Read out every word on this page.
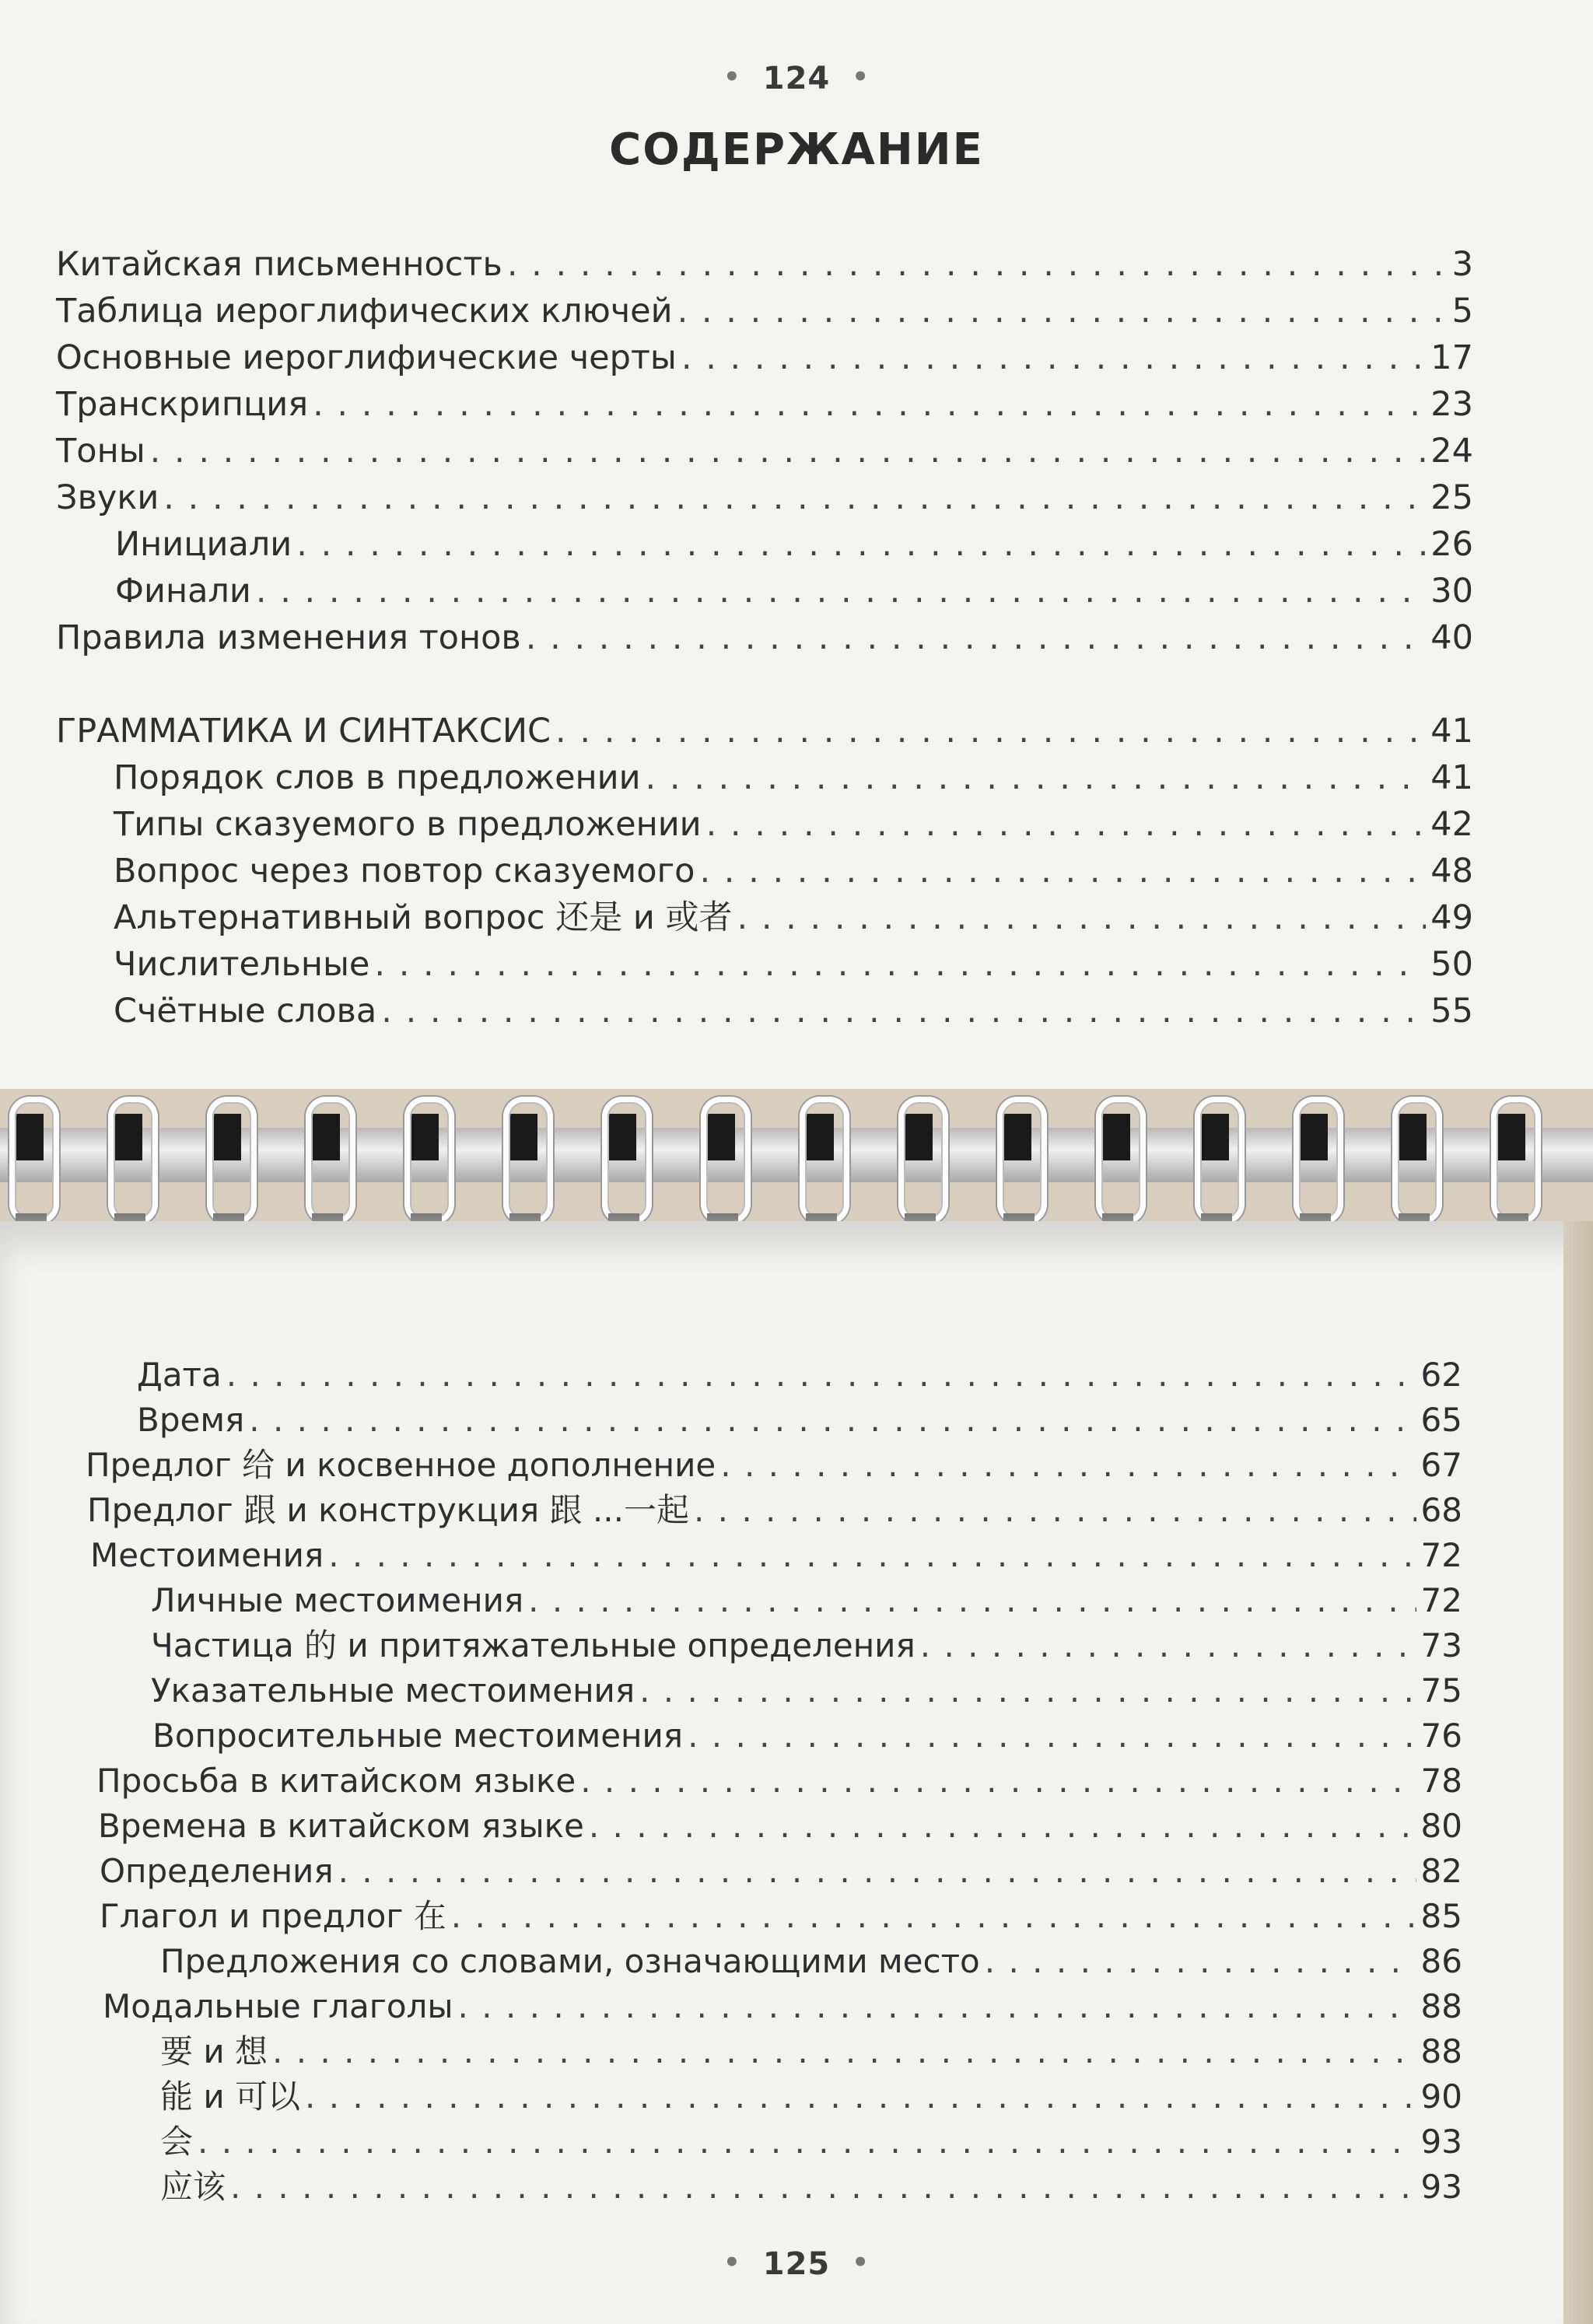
• 124 •
СОДЕРЖАНИЕ
Китайская письменность . . .	3
Таблица иероглифических ключей . . .	5
Основные иероглифические черты . . .	17
Транскрипция . . .	23
Тоны . . .	24
Звуки . . .	25
Инициали . . .	26
Финали . . .	30
Правила изменения тонов . . .	40
ГРАММАТИКА И СИНТАКСИС . . .	41
Порядок слов в предложении . . .	41
Типы сказуемого в предложении . . .	42
Вопрос через повтор сказуемого . . .	48
Альтернативный вопрос 还是 и 或者 . . .	49
Числительные . . .	50
Счётные слова . . .	55
Дата . . .	62
Время . . .	65
Предлог 给 и косвенное дополнение . . .	67
Предлог 跟 и конструкция 跟 ...一起 . . .	68
Местоимения . . .	72
Личные местоимения . . .	72
Частица 的 и притяжательные определения . . .	73
Указательные местоимения . . .	75
Вопросительные местоимения . . .	76
Просьба в китайском языке . . .	78
Времена в китайском языке . . .	80
Определения . . .	82
Глагол и предлог 在 . . .	85
Предложения со словами, означающими место . . .	86
Модальные глаголы . . .	88
要 и 想 . . .	88
能 и 可以 . . .	90
会 . . .	93
应该 . . .	93
• 125 •
